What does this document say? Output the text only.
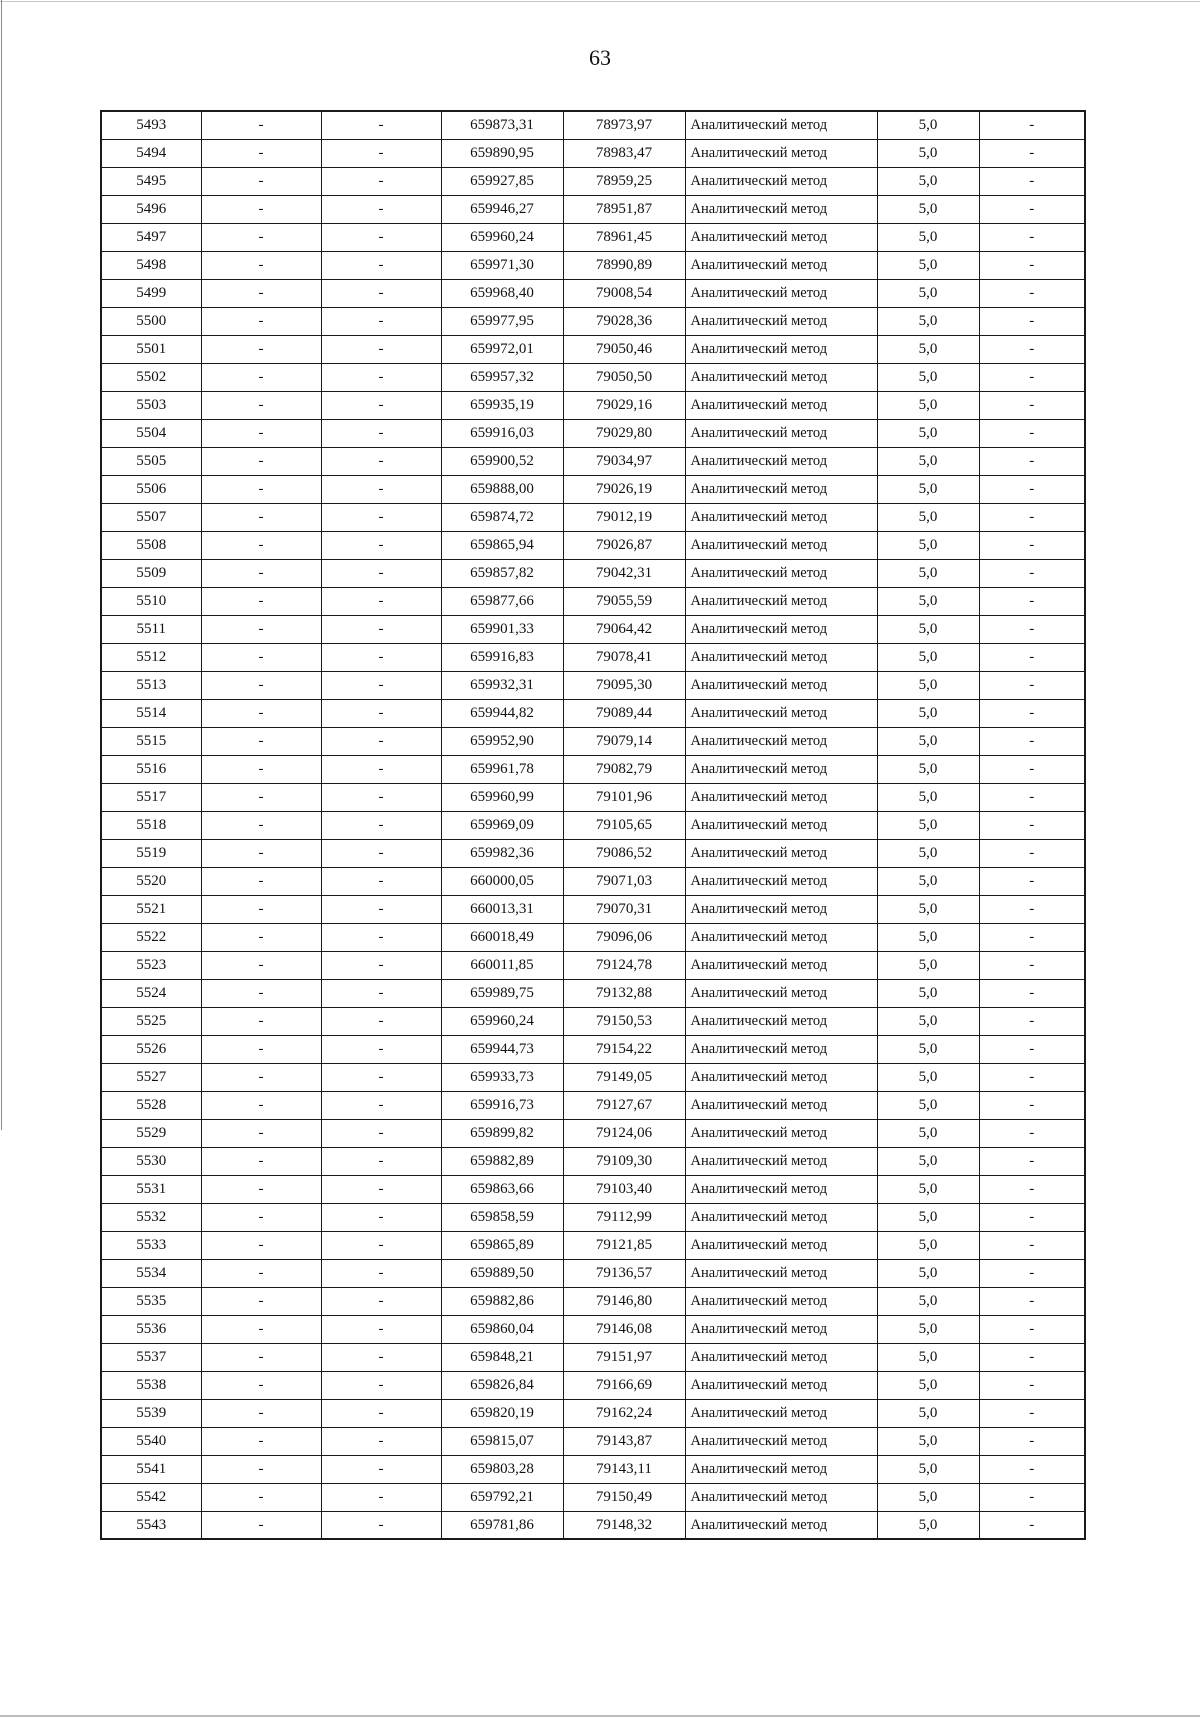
63
5493	-	-	659873,31	78973,97	Аналитический метод	5,0	-
5494	-	-	659890,95	78983,47	Аналитический метод	5,0	-
5495	-	-	659927,85	78959,25	Аналитический метод	5,0	-
5496	-	-	659946,27	78951,87	Аналитический метод	5,0	-
5497	-	-	659960,24	78961,45	Аналитический метод	5,0	-
5498	-	-	659971,30	78990,89	Аналитический метод	5,0	-
5499	-	-	659968,40	79008,54	Аналитический метод	5,0	-
5500	-	-	659977,95	79028,36	Аналитический метод	5,0	-
5501	-	-	659972,01	79050,46	Аналитический метод	5,0	-
5502	-	-	659957,32	79050,50	Аналитический метод	5,0	-
5503	-	-	659935,19	79029,16	Аналитический метод	5,0	-
5504	-	-	659916,03	79029,80	Аналитический метод	5,0	-
5505	-	-	659900,52	79034,97	Аналитический метод	5,0	-
5506	-	-	659888,00	79026,19	Аналитический метод	5,0	-
5507	-	-	659874,72	79012,19	Аналитический метод	5,0	-
5508	-	-	659865,94	79026,87	Аналитический метод	5,0	-
5509	-	-	659857,82	79042,31	Аналитический метод	5,0	-
5510	-	-	659877,66	79055,59	Аналитический метод	5,0	-
5511	-	-	659901,33	79064,42	Аналитический метод	5,0	-
5512	-	-	659916,83	79078,41	Аналитический метод	5,0	-
5513	-	-	659932,31	79095,30	Аналитический метод	5,0	-
5514	-	-	659944,82	79089,44	Аналитический метод	5,0	-
5515	-	-	659952,90	79079,14	Аналитический метод	5,0	-
5516	-	-	659961,78	79082,79	Аналитический метод	5,0	-
5517	-	-	659960,99	79101,96	Аналитический метод	5,0	-
5518	-	-	659969,09	79105,65	Аналитический метод	5,0	-
5519	-	-	659982,36	79086,52	Аналитический метод	5,0	-
5520	-	-	660000,05	79071,03	Аналитический метод	5,0	-
5521	-	-	660013,31	79070,31	Аналитический метод	5,0	-
5522	-	-	660018,49	79096,06	Аналитический метод	5,0	-
5523	-	-	660011,85	79124,78	Аналитический метод	5,0	-
5524	-	-	659989,75	79132,88	Аналитический метод	5,0	-
5525	-	-	659960,24	79150,53	Аналитический метод	5,0	-
5526	-	-	659944,73	79154,22	Аналитический метод	5,0	-
5527	-	-	659933,73	79149,05	Аналитический метод	5,0	-
5528	-	-	659916,73	79127,67	Аналитический метод	5,0	-
5529	-	-	659899,82	79124,06	Аналитический метод	5,0	-
5530	-	-	659882,89	79109,30	Аналитический метод	5,0	-
5531	-	-	659863,66	79103,40	Аналитический метод	5,0	-
5532	-	-	659858,59	79112,99	Аналитический метод	5,0	-
5533	-	-	659865,89	79121,85	Аналитический метод	5,0	-
5534	-	-	659889,50	79136,57	Аналитический метод	5,0	-
5535	-	-	659882,86	79146,80	Аналитический метод	5,0	-
5536	-	-	659860,04	79146,08	Аналитический метод	5,0	-
5537	-	-	659848,21	79151,97	Аналитический метод	5,0	-
5538	-	-	659826,84	79166,69	Аналитический метод	5,0	-
5539	-	-	659820,19	79162,24	Аналитический метод	5,0	-
5540	-	-	659815,07	79143,87	Аналитический метод	5,0	-
5541	-	-	659803,28	79143,11	Аналитический метод	5,0	-
5542	-	-	659792,21	79150,49	Аналитический метод	5,0	-
5543	-	-	659781,86	79148,32	Аналитический метод	5,0	-
